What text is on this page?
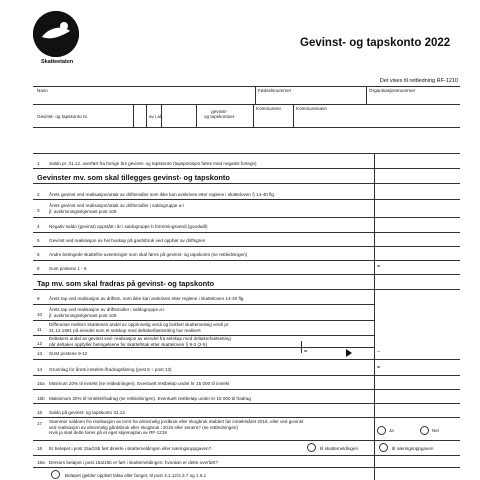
Skatteetaten
Gevinst- og tapskonto 2022
Det vises til rettledning RF-1210
Navn	Fødselsnummer	Organisasjonsnummer
Gevinst- og tapskonto nr.	av i alt
gevinst-
og tapskontoer
Kommunenr.	Kommunenavn
1 Saldo pr. 31.12. overført fra forrige års gevinst- og tapskonto (tapsposisjon føres med negativt fortegn)
Gevinster mv. som skal tillegges gevinst- og tapskonto
2 Årets gevinst ved realisasjon/uttak av driftsmidler som ikke kan avskrives etter reglene i skatteloven § 14-40 flg.
3
Årets gevinst ved realisasjon/uttak av driftsmidler i saldogruppe a-i
jf. avskrivningsskjemaet post 109
4 Negativ saldo (gevinst) oppstått i år i saldogruppe b forretningsverdi (goodwill)
5 Gevinst ved realisasjon av hel buskap på gardsbruk ved opphør av driftsgren
6 Andre betingede skattefrie avsetninger som skal føres på gevinst- og tapskonto (se rettledningen)
8 Sum postene 1 - 6	=
Tap mv. som skal fradras på gevinst- og tapskonto
9 Årets tap ved realisasjon av driftsm. som ikke kan avskrives etter reglene i skatteloven 14-40 flg.
10
Årets tap ved realisasjon av driftsmidler i saldogruppe a-i
jf. avskrivningsskjemaet post 109
11
Differanse mellom skattemes andel av opprinnelig verdi og bokført skattemessig verdi pr.
31.12.1991 på eiendel som et selskap med deltakerfastsetting har realisert
12
Deltakers andel av gevinst ved- realisasjon av eiendel fra selskap med deltakerfastsetting
når deltaker oppfyller betingelsene for skattefritak etter skatteloven § 9-3 (2-5)
13 SUM postene 9-12	=	−
14 Grunnlag for årets inntekts-/fradragsføring (post 8 ÷ post 13)	=
15a Minimum 20% til inntekt (se rettledningen). Eventuelt restbeløp under kr 15 000 til inntekt
15b Maksimum 20% til inntektsfradrag (se rettledningen). Eventuelt restbeløp under kr 15 000 til fradrag
16 Saldo på gevinst- og tapskonto 31.12.
17 Stammer saldoen fra realisasjon av tomt fra alminnelig jordbruk eller skogbruk etablert før inntektsåret 2016, eller ved gevinst
ved realisasjon av alminnelig gårdsbruk eller skogbruk i 2016 eller senere? (se rettledningen)
Hvis ja skal dette føres på et eget skjemaplan av RF-1219	Ja	Nei
18 Er beløpet i post 15a/15b ført direkte i skattemeldingen eller næringsoppgaven?	til skattemeldingen	til næringsoppgaven
18a Dersom beløpet i post 15a/15b er ført i skattemeldingen: hvordan er dette overført?
Beløpet gjelder oppført fakta eller fanget, til post 3.1.12/3.3.7 og 1.6.1
